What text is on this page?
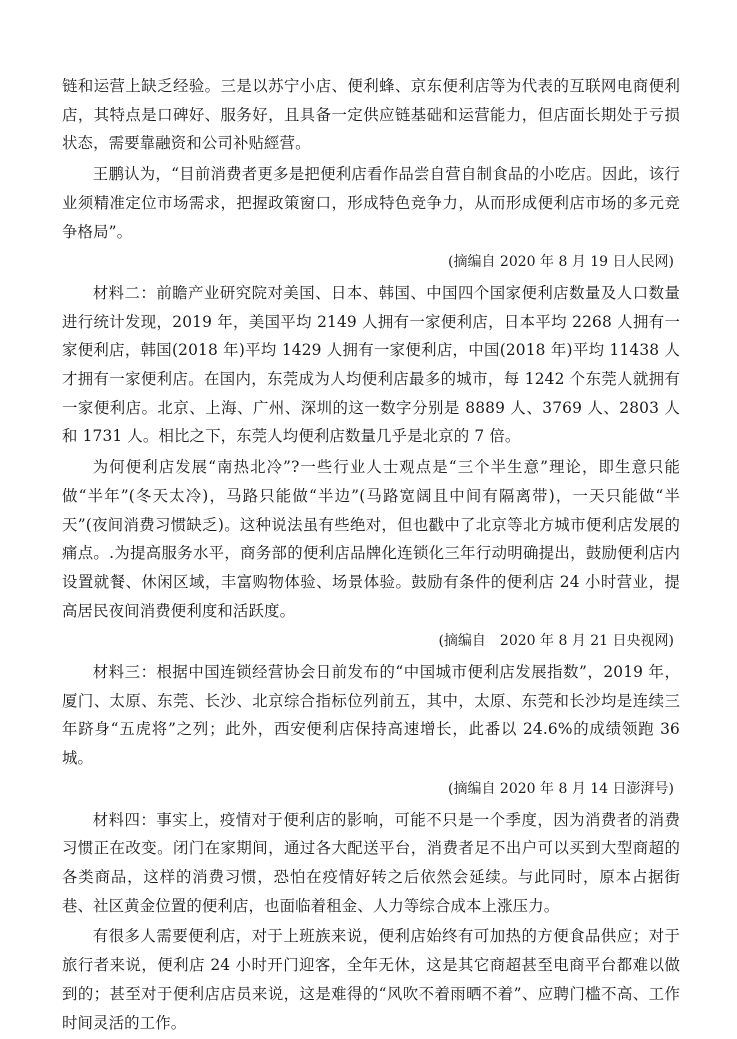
链和运营上缺乏经验。三是以苏宁小店、便利蜂、京东便利店等为代表的互联网电商便利店，其特点是口碑好、服务好，且具备一定供应链基础和运营能力，但店面长期处于亏损状态，需要靠融资和公司补贴經营。

王鹏认为，“目前消费者更多是把便利店看作品尝自营自制食品的小吃店。因此，该行业须精准定位市场需求，把握政策窗口，形成特色竞争力，从而形成便利店市场的多元竞争格局”。

(摘编自 2020 年 8 月 19 日人民网)

材料二：前瞻产业研究院对美国、日本、韩国、中国四个国家便利店数量及人口数量进行统计发现，2019 年，美国平均 2149 人拥有一家便利店，日本平均 2268 人拥有一家便利店，韩国(2018 年)平均 1429 人拥有一家便利店，中国(2018 年)平均 11438 人才拥有一家便利店。在国内，东莞成为人均便利店最多的城市，每 1242 个东莞人就拥有一家便利店。北京、上海、广州、深圳的这一数字分别是 8889 人、3769 人、2803 人和 1731 人。相比之下，东莞人均便利店数量几乎是北京的 7 倍。

为何便利店发展“南热北冷”?一些行业人士观点是“三个半生意”理论，即生意只能做“半年”(冬天太冷)，马路只能做“半边”(马路宽阔且中间有隔离带)，一天只能做“半天”(夜间消费习惯缺乏)。这种说法虽有些绝对，但也戳中了北京等北方城市便利店发展的痛点。.为提高服务水平，商务部的便利店品牌化连锁化三年行动明确提出，鼓励便利店内设置就餐、休闲区域，丰富购物体验、场景体验。鼓励有条件的便利店 24 小时营业，提高居民夜间消费便利度和活跃度。

(摘编自　2020 年 8 月 21 日央视网)

材料三：根据中国连锁经营协会日前发布的“中国城市便利店发展指数”，2019 年，厦门、太原、东莞、长沙、北京综合指标位列前五，其中，太原、东莞和长沙均是连续三年跻身“五虎将”之列；此外，西安便利店保持高速增长，此番以 24.6%的成绩领跑 36 城。

(摘编自 2020 年 8 月 14 日澎湃号)

材料四：事实上，疫情对于便利店的影响，可能不只是一个季度，因为消费者的消费习惯正在改变。闭门在家期间，通过各大配送平台，消费者足不出户可以买到大型商超的各类商品，这样的消费习惯，恐怕在疫情好转之后依然会延续。与此同时，原本占据街巷、社区黄金位置的便利店，也面临着租金、人力等综合成本上涨压力。

有很多人需要便利店，对于上班族来说，便利店始终有可加热的方便食品供应；对于旅行者来说，便利店 24 小时开门迎客，全年无休，这是其它商超甚至电商平台都难以做到的；甚至对于便利店店员来说，这是难得的“风吹不着雨晒不着”、应聘门槛不高、工作时间灵活的工作。
